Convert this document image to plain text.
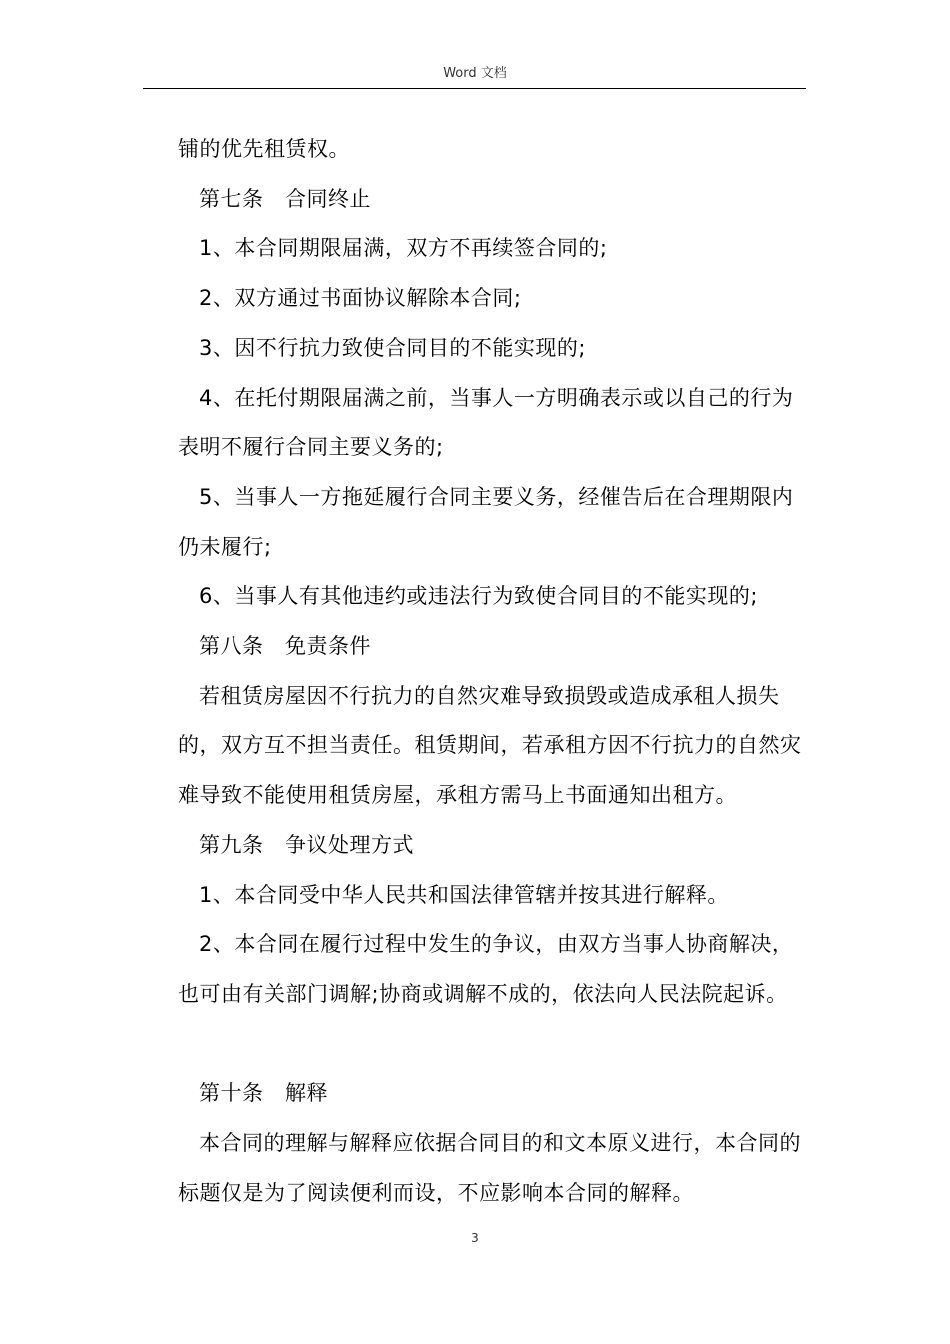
Word 文档

铺的优先租赁权。

第七条　合同终止

1、本合同期限届满，双方不再续签合同的;

2、双方通过书面协议解除本合同;

3、因不行抗力致使合同目的不能实现的;

4、在托付期限届满之前，当事人一方明确表示或以自己的行为表明不履行合同主要义务的;

5、当事人一方拖延履行合同主要义务，经催告后在合理期限内仍未履行;

6、当事人有其他违约或违法行为致使合同目的不能实现的;

第八条　免责条件

若租赁房屋因不行抗力的自然灾难导致损毁或造成承租人损失的，双方互不担当责任。租赁期间，若承租方因不行抗力的自然灾难导致不能使用租赁房屋，承租方需马上书面通知出租方。

第九条　争议处理方式

1、本合同受中华人民共和国法律管辖并按其进行解释。

2、本合同在履行过程中发生的争议，由双方当事人协商解决，也可由有关部门调解;协商或调解不成的，依法向人民法院起诉。

第十条　解释

本合同的理解与解释应依据合同目的和文本原义进行，本合同的标题仅是为了阅读便利而设，不应影响本合同的解释。

3
